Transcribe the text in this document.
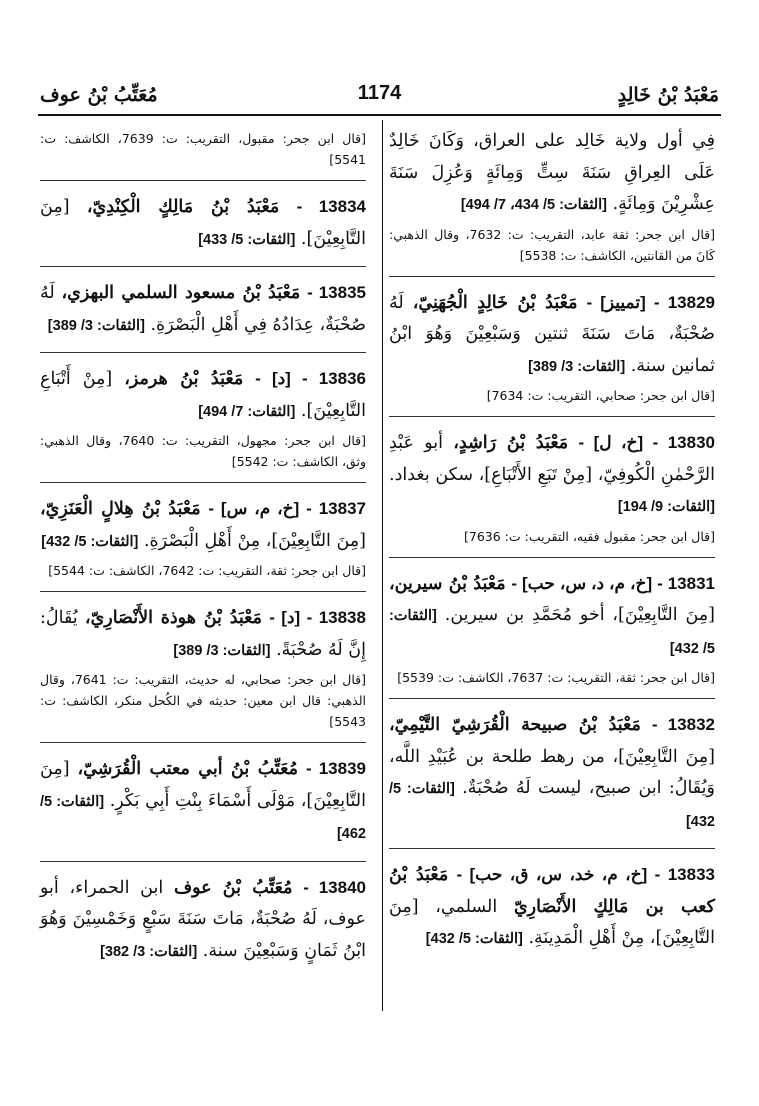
مَعْبَدُ بْنُ خَالِدٍ
1174
مُعَتِّبُ بْنُ عوف

فِي أول ولاية خَالِد على العراق، وَكَانَ خَالِدٌ عَلَى العِراقِ سَنَةَ سِتٍّ وَمِائَةٍ وَعُزِلَ سَنَةَ عِشْرِيْنَ وَمِائَةٍ. [الثقات: 5/ 434، 7/ 494]

[قال ابن جحر: ثقة عابد، التقريب: ت: 7632، وقال الذهبي: كَانَ من القانتين، الكاشف: ت: 5538]

13829 - [تمييز] - مَعْبَدُ بْنُ خَالِدٍ الْجُهَنِيّ، لَهُ صُحْبَةٌ، مَاتَ سَنَةَ ثنتين وَسَبْعِيْنَ وَهُوَ ابْنُ ثمانين سنة. [الثقات: 3/ 389]

[قال ابن جحر: صحابي، التقريب: ت: 7634]

13830 - [خ، ل] - مَعْبَدُ بْنُ رَاشِدٍ، أبو عَبْدِ الرَّحْمٰنِ الْكُوفِيّ، [مِنْ تَبَعِ الأَتْبَاعِ]، سكن بغداد. [الثقات: 9/ 194]

[قال ابن جحر: مقبول فقيه، التقريب: ت: 7636]

13831 - [خ، م، د، س، حب] - مَعْبَدُ بْنُ سيرين، [مِنَ التَّابِعِيْنَ]، أخو مُحَمَّدِ بن سيرين. [الثقات: 5/ 432]

[قال ابن جحر: ثقة، التقريب: ت: 7637، الكاشف: ت: 5539]

13832 - مَعْبَدُ بْنُ صبيحة الْقُرَشِيّ التَّيْمِيّ، [مِنَ التَّابِعِيْنَ]، من رهط طلحة بن عُبَيْدِ اللَّه، وَيُقَالُ: ابن صبيح، ليست لَهُ صُحْبَةٌ. [الثقات: 5/ 432]

13833 - [خ، م، خد، س، ق، حب] - مَعْبَدُ بْنُ كعب بن مَالِكٍ الأَنْصَارِيّ السلمي، [مِنَ التَّابِعِيْنَ]، مِنْ أَهْلِ الْمَدِينَةِ. [الثقات: 5/ 432]

[قال ابن جحر: مقبول، التقريب: ت: 7639، الكاشف: ت: 5541]

13834 - مَعْبَدُ بْنُ مَالِكٍ الْكِنْدِيّ، [مِنَ التَّابِعِيْنَ]. [الثقات: 5/ 433]

13835 - مَعْبَدُ بْنُ مسعود السلمي البهزي، لَهُ صُحْبَةٌ، عِدَادُهُ فِي أَهْلِ الْبَصْرَةِ. [الثقات: 3/ 389]

13836 - [د] - مَعْبَدُ بْنُ هرمز، [مِنْ أَتْبَاعِ التَّابِعِيْنَ]. [الثقات: 7/ 494]

[قال ابن جحر: مجهول، التقريب: ت: 7640، وقال الذهبي: وثق، الكاشف: ت: 5542]

13837 - [خ، م، س] - مَعْبَدُ بْنُ هِلالٍ الْعَنَزِيّ، [مِنَ التَّابِعِيْنَ]، مِنْ أَهْلِ الْبَصْرَةِ. [الثقات: 5/ 432]

[قال ابن جحر: ثقة، التقريب: ت: 7642، الكاشف: ت: 5544]

13838 - [د] - مَعْبَدُ بْنُ هوذة الأَنْصَارِيّ، يُقَالُ: إِنَّ لَهُ صُحْبَةً. [الثقات: 3/ 389]

[قال ابن جحر: صحابي، له حديث، التقريب: ت: 7641، وقال الذهبي: قال ابن معين: حديثه في الكُحل منكر، الكاشف: ت: 5543]

13839 - مُعَتِّبُ بْنُ أبي معتب الْقُرَشِيّ، [مِنَ التَّابِعِيْنَ]، مَوْلَى أَسْمَاءَ بِنْتِ أَبِي بَكْرٍ. [الثقات: 5/ 462]

13840 - مُعَتِّبُ بْنُ عوف ابن الحمراء، أبو عوف، لَهُ صُحْبَةٌ، مَاتَ سَنَةَ سَبْعٍ وَخَمْسِيْنَ وَهُوَ ابْنُ ثَمَانٍ وَسَبْعِيْنَ سنة. [الثقات: 3/ 382]
